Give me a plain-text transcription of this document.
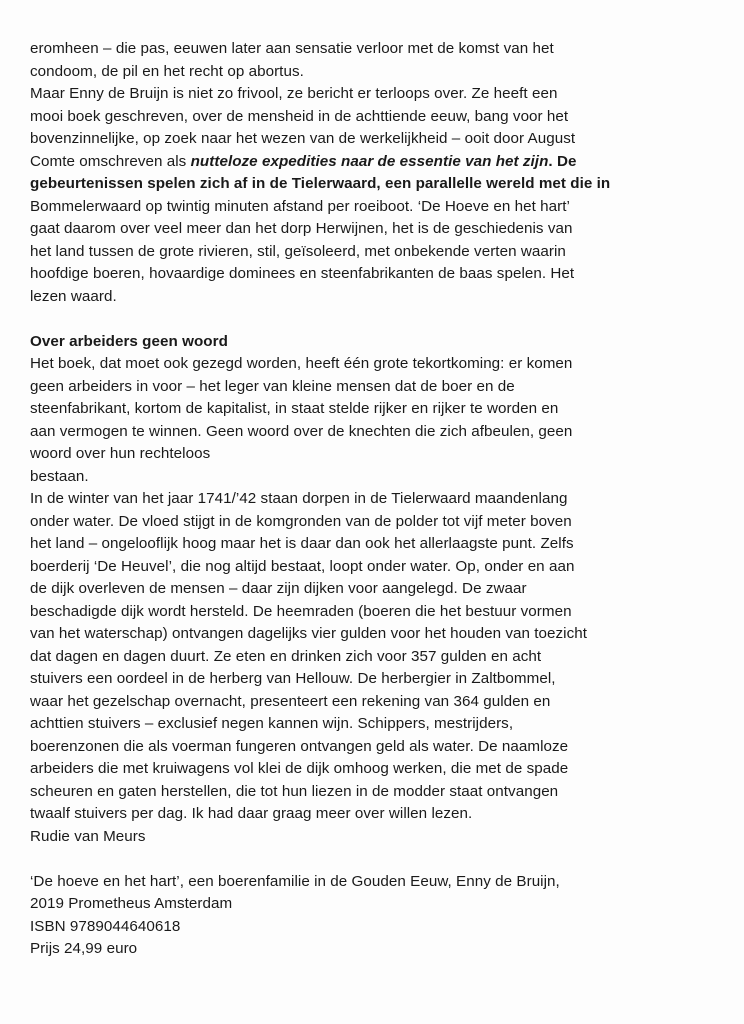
eromheen – die pas, eeuwen later aan sensatie verloor met de komst van het
condoom, de pil en het recht op abortus.
Maar Enny de Bruijn is niet zo frivool, ze bericht er terloops over. Ze heeft een
mooi boek geschreven, over de mensheid in de achttiende eeuw, bang voor het
bovenzinnelijke, op zoek naar het wezen van de werkelijkheid – ooit door August
Comte omschreven als nutteloze expedities naar de essentie van het zijn. De
gebeurtenissen spelen zich af in de Tielerwaard, een parallelle wereld met die in
Bommelerwaard op twintig minuten afstand per roeiboot. ‘De Hoeve en het hart’
gaat daarom over veel meer dan het dorp Herwijnen, het is de geschiedenis van
het land tussen de grote rivieren, stil, geïsoleerd, met onbekende verten waarin
hoofdige boeren, hovaardige dominees en steenfabrikanten de baas spelen. Het
lezen waard.
Over arbeiders geen woord
Het boek, dat moet ook gezegd worden, heeft één grote tekortkoming: er komen
geen arbeiders in voor – het leger van kleine mensen dat de boer en de
steenfabrikant, kortom de kapitalist, in staat stelde rijker en rijker te worden en
aan vermogen te winnen. Geen woord over de knechten die zich afbeulen, geen
woord over hun rechteloos
bestaan.
In de winter van het jaar 1741/’42 staan dorpen in de Tielerwaard maandenlang
onder water. De vloed stijgt in de komgronden van de polder tot vijf meter boven
het land – ongelooflijk hoog maar het is daar dan ook het allerlaagste punt. Zelfs
boerderij ‘De Heuvel’, die nog altijd bestaat, loopt onder water. Op, onder en aan
de dijk overleven de mensen – daar zijn dijken voor aangelegd. De zwaar
beschadigde dijk wordt hersteld. De heemraden (boeren die het bestuur vormen
van het waterschap) ontvangen dagelijks vier gulden voor het houden van toezicht
dat dagen en dagen duurt. Ze eten en drinken zich voor 357 gulden en acht
stuivers een oordeel in de herberg van Hellouw. De herbergier in Zaltbommel,
waar het gezelschap overnacht, presenteert een rekening van 364 gulden en
achttien stuivers – exclusief negen kannen wijn. Schippers, mestrijders,
boerenzonen die als voerman fungeren ontvangen geld als water. De naamloze
arbeiders die met kruiwagens vol klei de dijk omhoog werken, die met de spade
scheuren en gaten herstellen, die tot hun liezen in de modder staat ontvangen
twaalf stuivers per dag. Ik had daar graag meer over willen lezen.
Rudie van Meurs
‘De hoeve en het hart’, een boerenfamilie in de Gouden Eeuw, Enny de Bruijn,
2019 Prometheus Amsterdam
ISBN 9789044640618
Prijs 24,99 euro
